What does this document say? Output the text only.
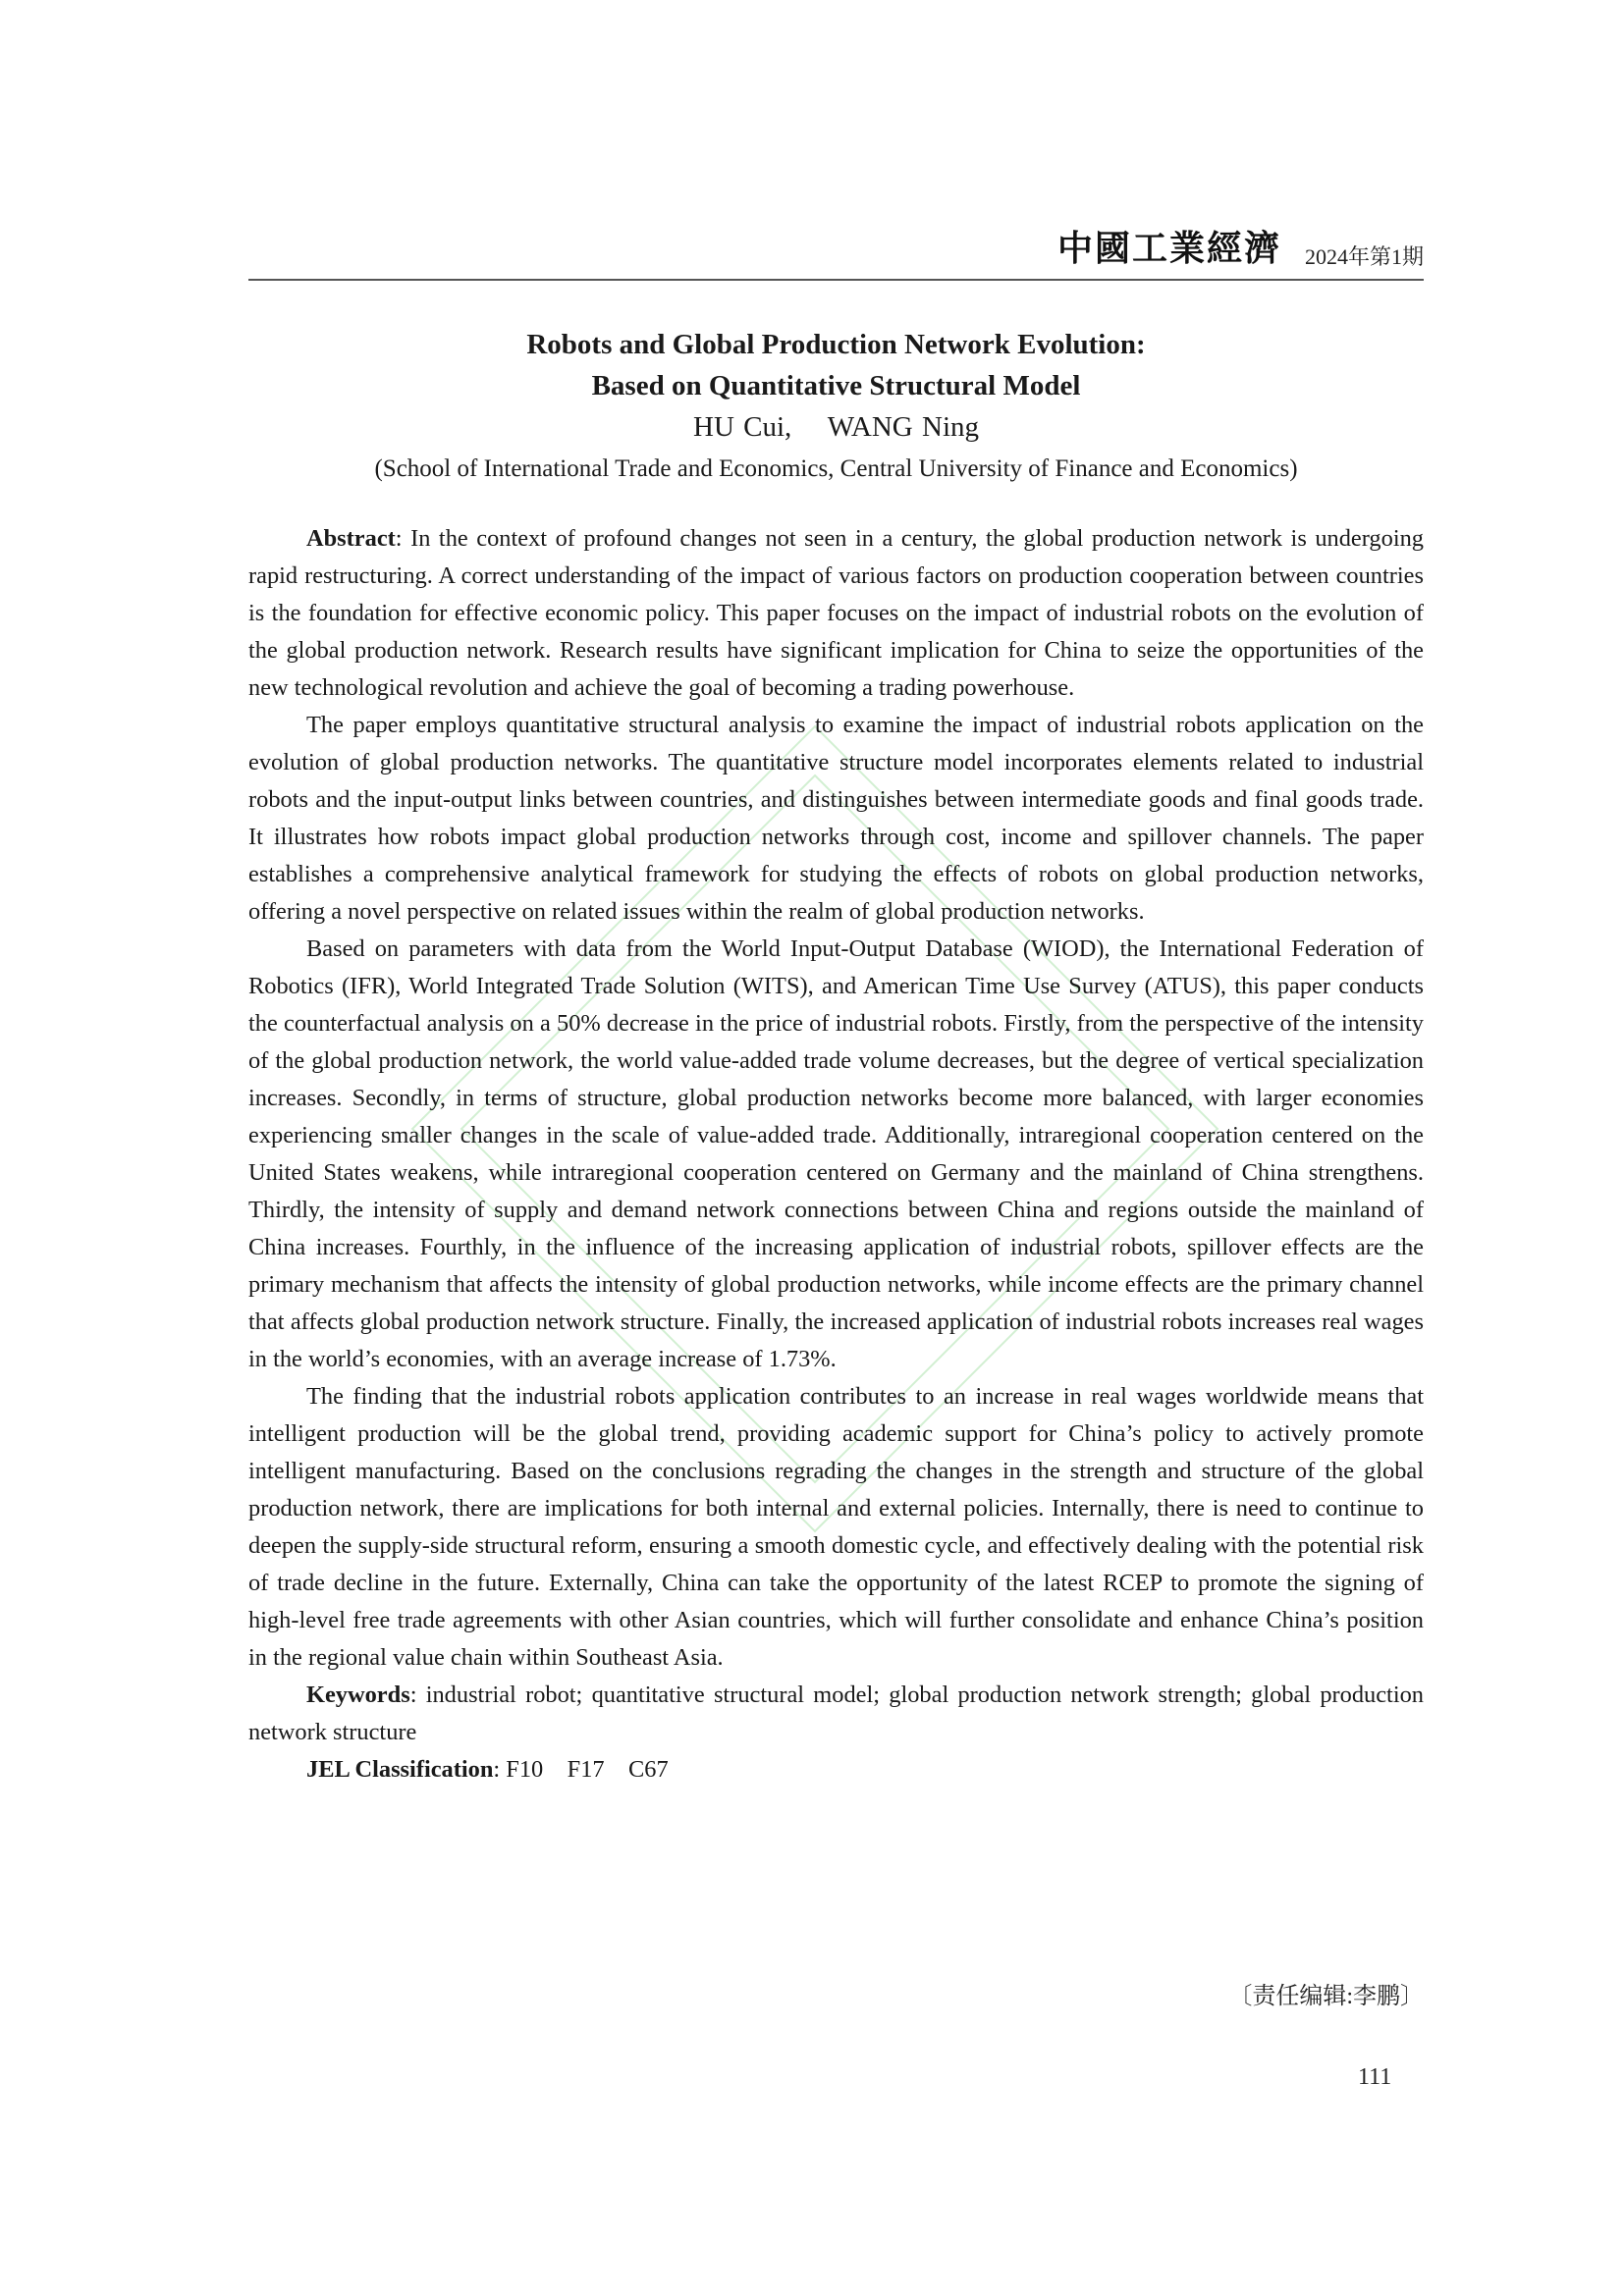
中國工業經濟 2024年第1期
Robots and Global Production Network Evolution:
Based on Quantitative Structural Model
HU Cui,    WANG Ning
(School of International Trade and Economics, Central University of Finance and Economics)

Abstract: In the context of profound changes not seen in a century, the global production network is undergoing rapid restructuring. A correct understanding of the impact of various factors on production cooperation between countries is the foundation for effective economic policy. This paper focuses on the impact of industrial robots on the evolution of the global production network. Research results have significant implication for China to seize the opportunities of the new technological revolution and achieve the goal of becoming a trading powerhouse.

The paper employs quantitative structural analysis to examine the impact of industrial robots application on the evolution of global production networks. The quantitative structure model incorporates elements related to industrial robots and the input-output links between countries, and distinguishes between intermediate goods and final goods trade. It illustrates how robots impact global production networks through cost, income and spillover channels. The paper establishes a comprehensive analytical framework for studying the effects of robots on global production networks, offering a novel perspective on related issues within the realm of global production networks.

Based on parameters with data from the World Input-Output Database (WIOD), the International Federation of Robotics (IFR), World Integrated Trade Solution (WITS), and American Time Use Survey (ATUS), this paper conducts the counterfactual analysis on a 50% decrease in the price of industrial robots. Firstly, from the perspective of the intensity of the global production network, the world value-added trade volume decreases, but the degree of vertical specialization increases. Secondly, in terms of structure, global production networks become more balanced, with larger economies experiencing smaller changes in the scale of value-added trade. Additionally, intraregional cooperation centered on the United States weakens, while intraregional cooperation centered on Germany and the mainland of China strengthens. Thirdly, the intensity of supply and demand network connections between China and regions outside the mainland of China increases. Fourthly, in the influence of the increasing application of industrial robots, spillover effects are the primary mechanism that affects the intensity of global production networks, while income effects are the primary channel that affects global production network structure. Finally, the increased application of industrial robots increases real wages in the world’s economies, with an average increase of 1.73%.

The finding that the industrial robots application contributes to an increase in real wages worldwide means that intelligent production will be the global trend, providing academic support for China’s policy to actively promote intelligent manufacturing. Based on the conclusions regrading the changes in the strength and structure of the global production network, there are implications for both internal and external policies. Internally, there is need to continue to deepen the supply-side structural reform, ensuring a smooth domestic cycle, and effectively dealing with the potential risk of trade decline in the future. Externally, China can take the opportunity of the latest RCEP to promote the signing of high-level free trade agreements with other Asian countries, which will further consolidate and enhance China’s position in the regional value chain within Southeast Asia.

Keywords: industrial robot; quantitative structural model; global production network strength; global production network structure

JEL Classification: F10    F17    C67

〔责任编辑:李鹏〕
111
